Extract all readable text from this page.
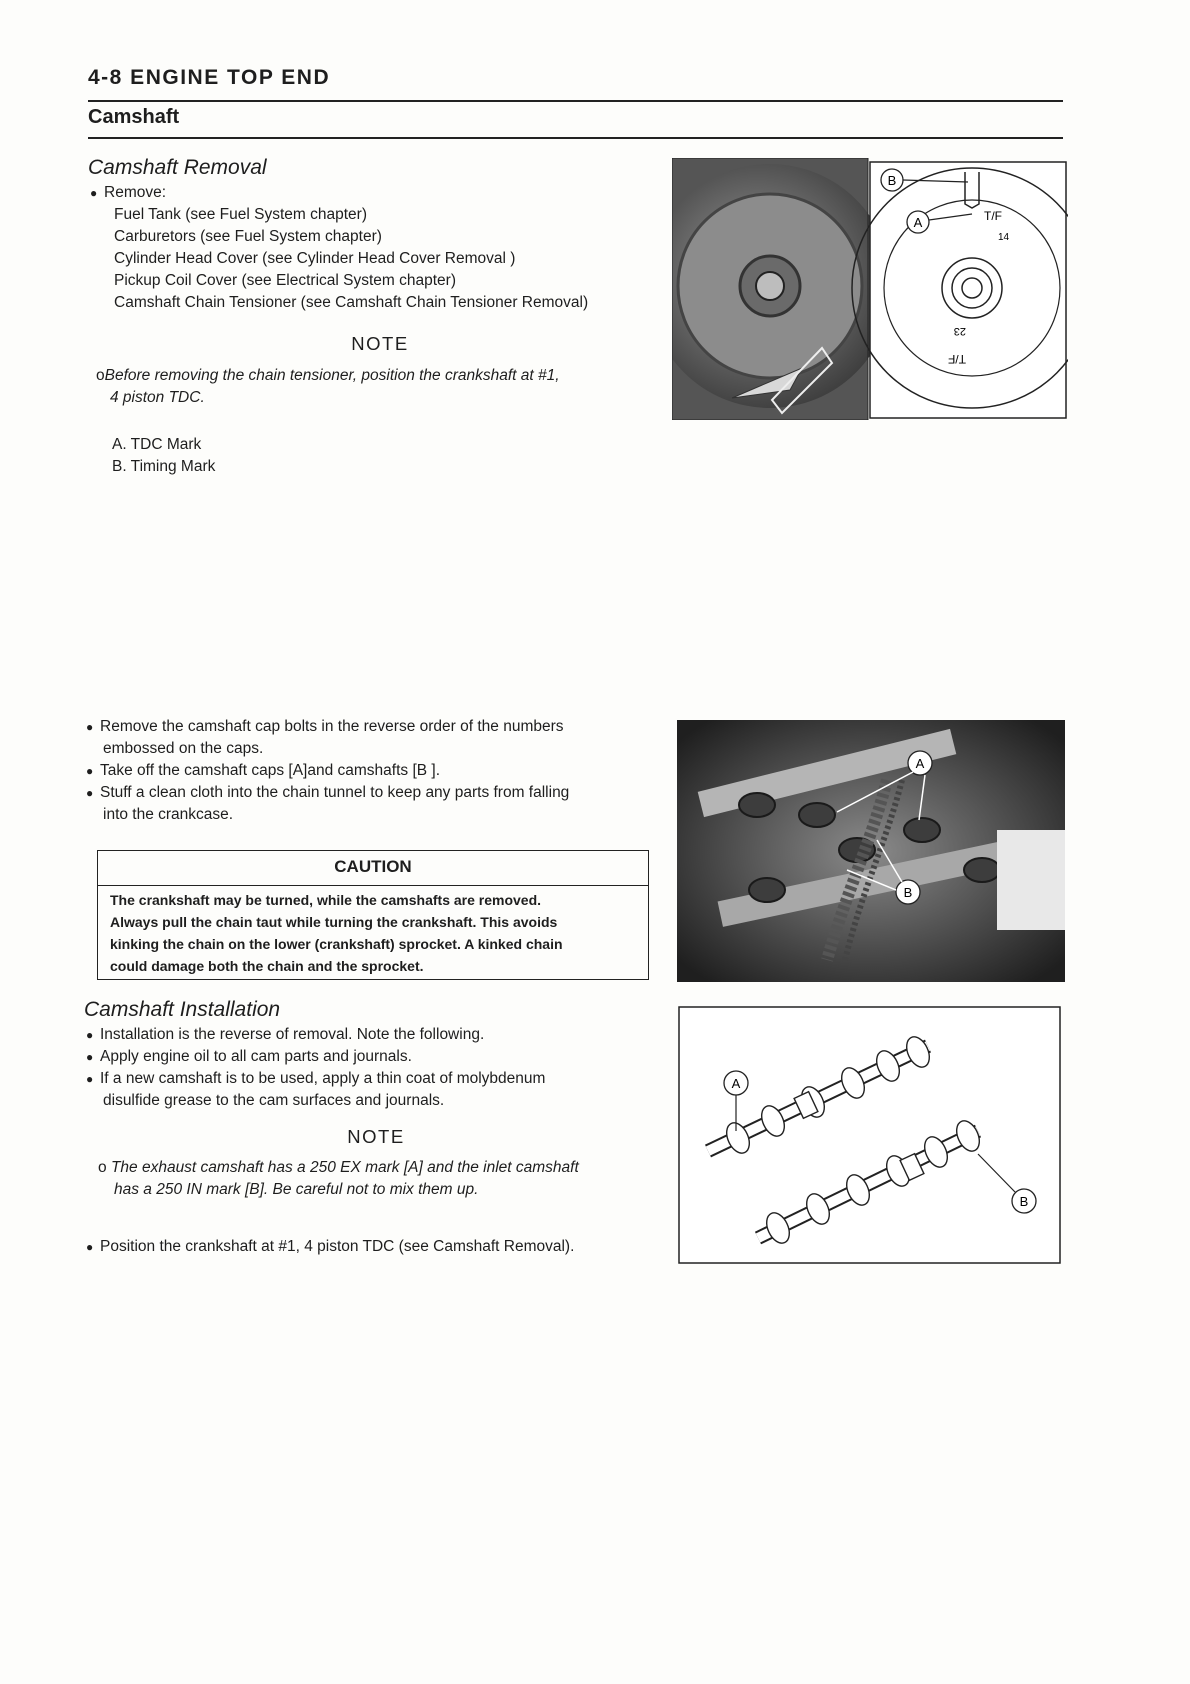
4-8 ENGINE TOP END
Camshaft
Camshaft Removal
● Remove:
Fuel Tank (see Fuel System chapter)
Carburetors (see Fuel System chapter)
Cylinder Head Cover (see Cylinder Head Cover Removal )
Pickup Coil Cover (see Electrical System chapter)
Camshaft Chain Tensioner (see Camshaft Chain Tensioner Removal)
NOTE
oBefore removing the chain tensioner, position the crankshaft at #1,
4 piston TDC.
A. TDC Mark
B. Timing Mark
● Remove the camshaft cap bolts in the reverse order of the numbers
embossed on the caps.
● Take off the camshaft caps [A]and camshafts [B ].
● Stuff a clean cloth into the chain tunnel to keep any parts from falling
into the crankcase.
CAUTION
The crankshaft may be turned, while the camshafts are removed.
Always pull the chain taut while turning the crankshaft. This avoids
kinking the chain on the lower (crankshaft) sprocket. A kinked chain
could damage both the chain and the sprocket.
Camshaft Installation
● Installation is the reverse of removal. Note the following.
● Apply engine oil to all cam parts and journals.
● If a new camshaft is to be used, apply a thin coat of molybdenum
disulfide grease to the cam surfaces and journals.
NOTE
o The exhaust camshaft has a 250 EX mark [A] and the inlet camshaft
has a 250 IN mark [B]. Be careful not to mix them up.
● Position the crankshaft at #1, 4 piston TDC (see Camshaft Removal).
B
A	T/F
14
23
T/F
A
B
A
B
